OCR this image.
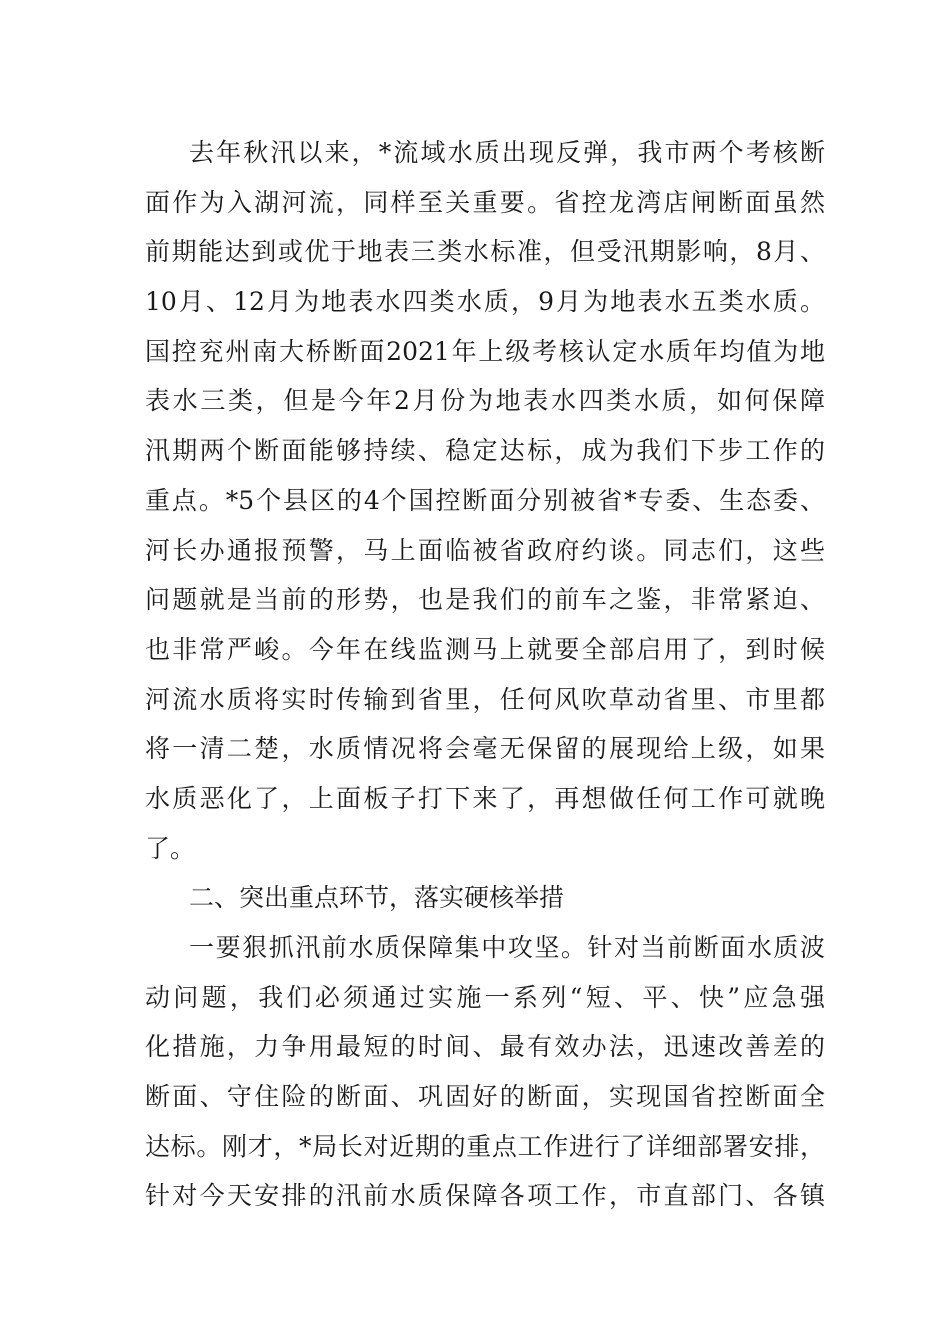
去年秋汛以来，*流域水质出现反弹，我市两个考核断
面作为入湖河流，同样至关重要。省控龙湾店闸断面虽然
前期能达到或优于地表三类水标准，但受汛期影响，8月、
10月、12月为地表水四类水质，9月为地表水五类水质。
国控兖州南大桥断面2021年上级考核认定水质年均值为地
表水三类，但是今年2月份为地表水四类水质，如何保障
汛期两个断面能够持续、稳定达标，成为我们下步工作的
重点。*5个县区的4个国控断面分别被省*专委、生态委、
河长办通报预警，马上面临被省政府约谈。同志们，这些
问题就是当前的形势，也是我们的前车之鉴，非常紧迫、
也非常严峻。今年在线监测马上就要全部启用了，到时候
河流水质将实时传输到省里，任何风吹草动省里、市里都
将一清二楚，水质情况将会毫无保留的展现给上级，如果
水质恶化了，上面板子打下来了，再想做任何工作可就晚
了。
二、突出重点环节，落实硬核举措
一要狠抓汛前水质保障集中攻坚。针对当前断面水质波
动问题，我们必须通过实施一系列“短、平、快”应急强
化措施，力争用最短的时间、最有效办法，迅速改善差的
断面、守住险的断面、巩固好的断面，实现国省控断面全
达标。刚才，*局长对近期的重点工作进行了详细部署安排，
针对今天安排的汛前水质保障各项工作，市直部门、各镇
